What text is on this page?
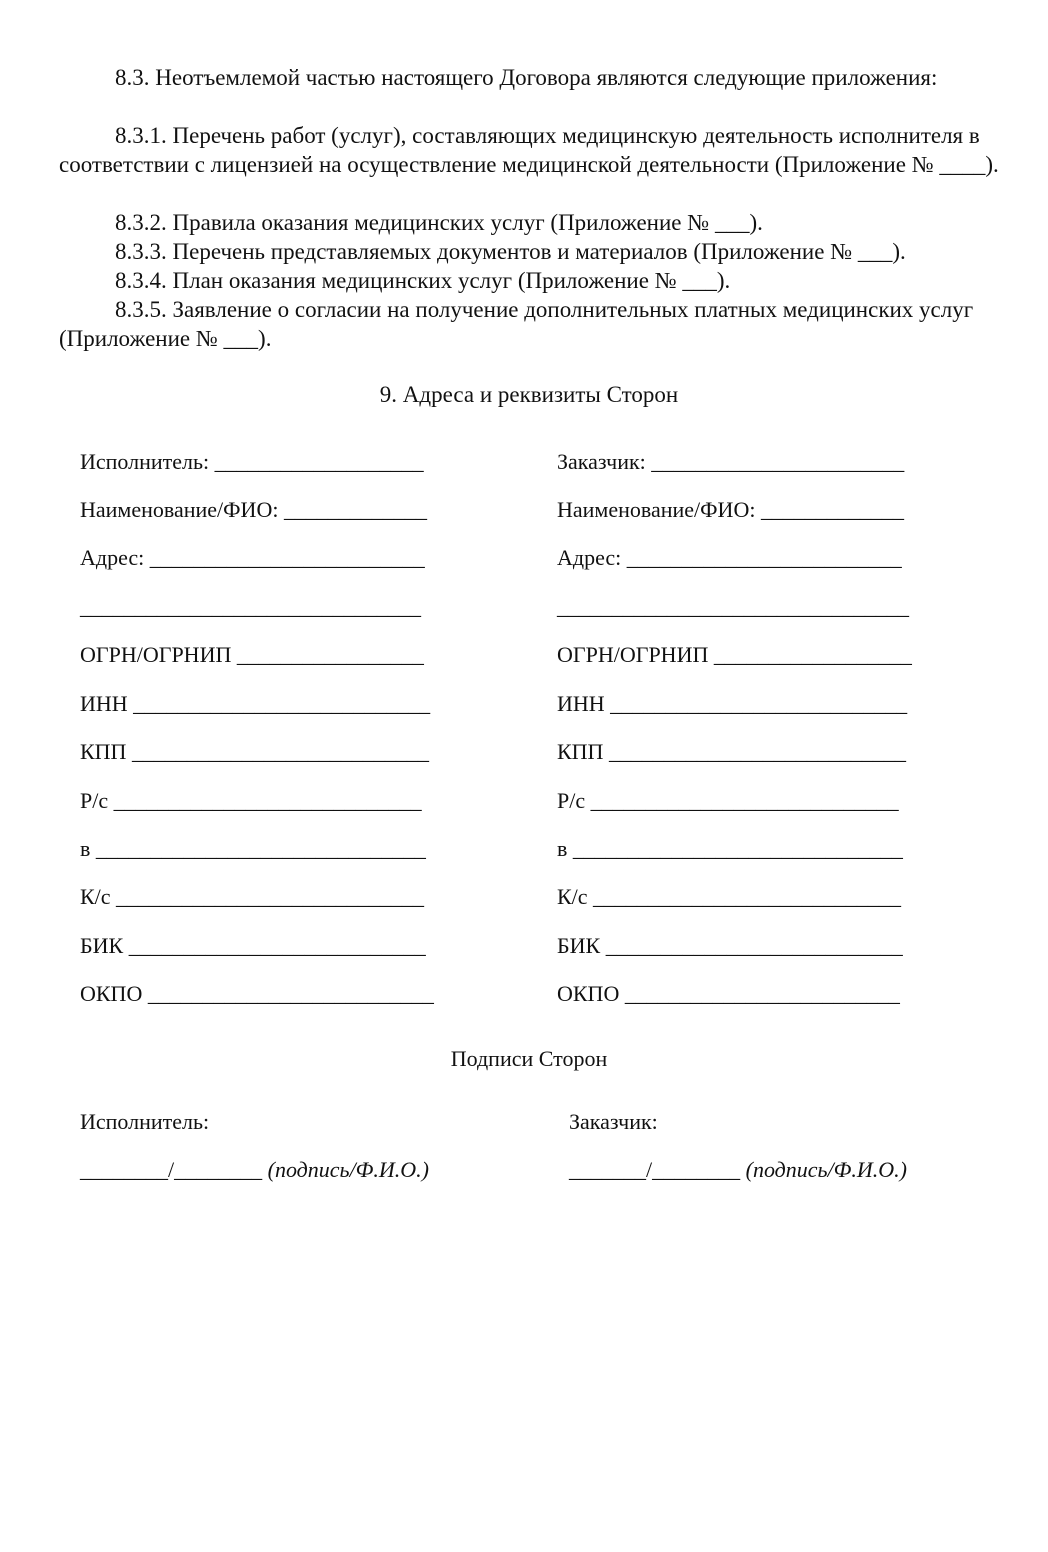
8.3. Неотъемлемой частью настоящего Договора являются следующие приложения:

8.3.1. Перечень работ (услуг), составляющих медицинскую деятельность исполнителя в соответствии с лицензией на осуществление медицинской деятельности (Приложение № ____).

8.3.2. Правила оказания медицинских услуг (Приложение № ___).

8.3.3. Перечень представляемых документов и материалов (Приложение № ___).

8.3.4. План оказания медицинских услуг (Приложение № ___).

8.3.5. Заявление о согласии на получение дополнительных платных медицинских услуг (Приложение № ___).

9. Адреса и реквизиты Сторон

Исполнитель: ___________________

Наименование/ФИО: _____________

Адрес: _________________________

_______________________________

ОГРН/ОГРНИП _________________

ИНН ___________________________

КПП ___________________________

Р/с ____________________________

в ______________________________

К/с ____________________________

БИК ___________________________

ОКПО __________________________

Заказчик: _______________________

Наименование/ФИО: _____________

Адрес: _________________________

________________________________

ОГРН/ОГРНИП __________________

ИНН ___________________________

КПП ___________________________

Р/с ____________________________

в ______________________________

К/с ____________________________

БИК ___________________________

ОКПО _________________________

Подписи Сторон

Исполнитель:

________/________ (подпись/Ф.И.О.)

Заказчик:

_______/________ (подпись/Ф.И.О.)
